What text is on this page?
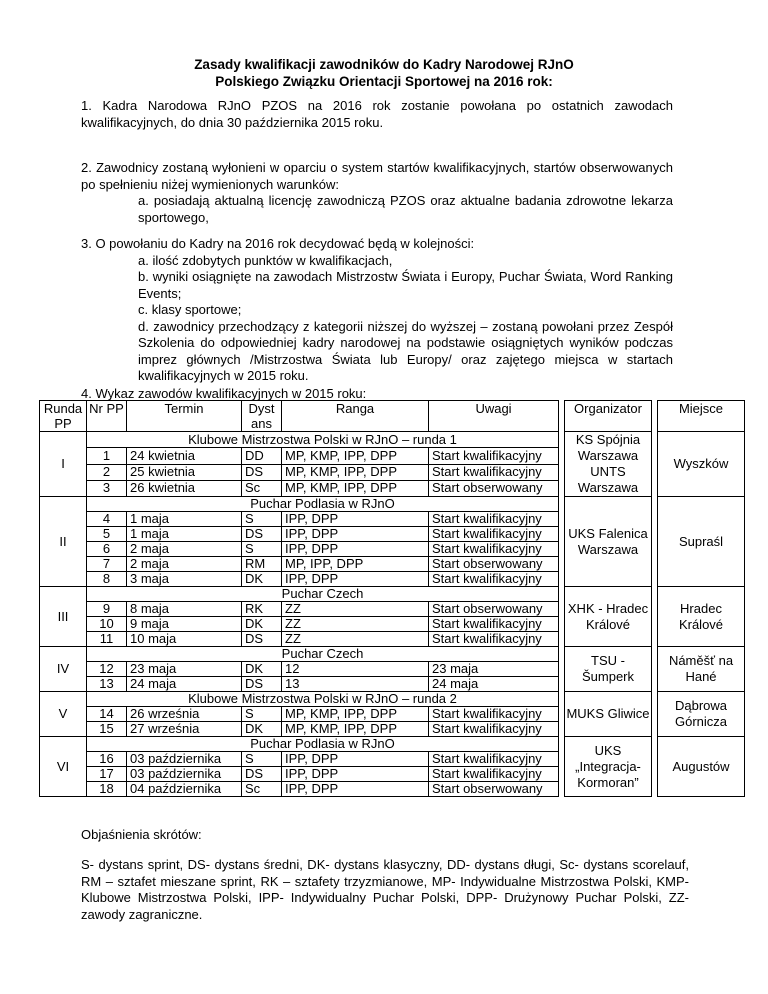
Zasady kwalifikacji zawodników do Kadry Narodowej RJnO
Polskiego Związku Orientacji Sportowej na 2016 rok:
1. Kadra Narodowa RJnO PZOS na 2016 rok zostanie powołana po ostatnich zawodach kwalifikacyjnych, do dnia 30 października 2015 roku.
2. Zawodnicy zostaną wyłonieni w oparciu o system startów kwalifikacyjnych, startów obserwowanych po spełnieniu niżej wymienionych warunków:
a. posiadają aktualną licencję zawodniczą PZOS oraz aktualne badania zdrowotne lekarza sportowego,
3. O powołaniu do Kadry na 2016 rok decydować będą w kolejności:
a. ilość zdobytych punktów w kwalifikacjach,
b. wyniki osiągnięte na zawodach Mistrzostw Świata i Europy, Puchar Świata, Word Ranking Events;
c. klasy sportowe;
d. zawodnicy przechodzący z kategorii niższej do wyższej – zostaną powołani przez Zespół Szkolenia do odpowiedniej kadry narodowej na podstawie osiągniętych wyników podczas imprez głównych /Mistrzostwa Świata lub Europy/ oraz zajętego miejsca w startach kwalifikacyjnych w 2015 roku.
4. Wykaz zawodów kwalifikacyjnych w 2015 roku:
Runda PP	Nr PP	Termin	Dyst ans	Ranga	Uwagi		Organizator		Miejsce
I	Klubowe Mistrzostwa Polski w RJnO – runda 1						KS Spójnia Warszawa UNTS Warszawa		Wyszków
	1	24 kwietnia	DD	MP, KMP, IPP, DPP	Start kwalifikacyjny				
	2	25 kwietnia	DS	MP, KMP, IPP, DPP	Start kwalifikacyjny				
	3	26 kwietnia	Sc	MP, KMP, IPP, DPP	Start obserwowany				
II	Puchar Podlasia w RJnO						UKS Falenica Warszawa		Supraśl
	4	1 maja	S	IPP, DPP	Start kwalifikacyjny				
	5	1 maja	DS	IPP, DPP	Start kwalifikacyjny				
	6	2 maja	S	IPP, DPP	Start kwalifikacyjny				
	7	2 maja	RM	MP, IPP, DPP	Start obserwowany				
	8	3 maja	DK	IPP, DPP	Start kwalifikacyjny				
III	Puchar Czech						XHK - Hradec Králové		Hradec Králové
	9	8 maja	RK	ZZ	Start obserwowany				
	10	9 maja	DK	ZZ	Start kwalifikacyjny				
	11	10 maja	DS	ZZ	Start kwalifikacyjny				
IV	Puchar Czech						TSU - Šumperk		Náměšť na Hané
	12	23 maja	DK	12	23 maja				
	13	24 maja	DS	13	24 maja				
V	Klubowe Mistrzostwa Polski w RJnO – runda 2						MUKS Gliwice		Dąbrowa Górnicza
	14	26 września	S	MP, KMP, IPP, DPP	Start kwalifikacyjny				
	15	27 września	DK	MP, KMP, IPP, DPP	Start kwalifikacyjny				
VI	Puchar Podlasia w RJnO						UKS „Integracja-Kormoran”		Augustów
	16	03 października	S	IPP, DPP	Start kwalifikacyjny				
	17	03 października	DS	IPP, DPP	Start kwalifikacyjny				
	18	04 października	Sc	IPP, DPP	Start obserwowany				
Objaśnienia skrótów:
S- dystans sprint, DS- dystans średni, DK- dystans klasyczny, DD- dystans długi, Sc- dystans scorelauf, RM – sztafet mieszane sprint, RK – sztafety trzyzmianowe, MP- Indywidualne Mistrzostwa Polski, KMP- Klubowe Mistrzostwa Polski, IPP- Indywidualny Puchar Polski, DPP- Drużynowy Puchar Polski, ZZ- zawody zagraniczne.
